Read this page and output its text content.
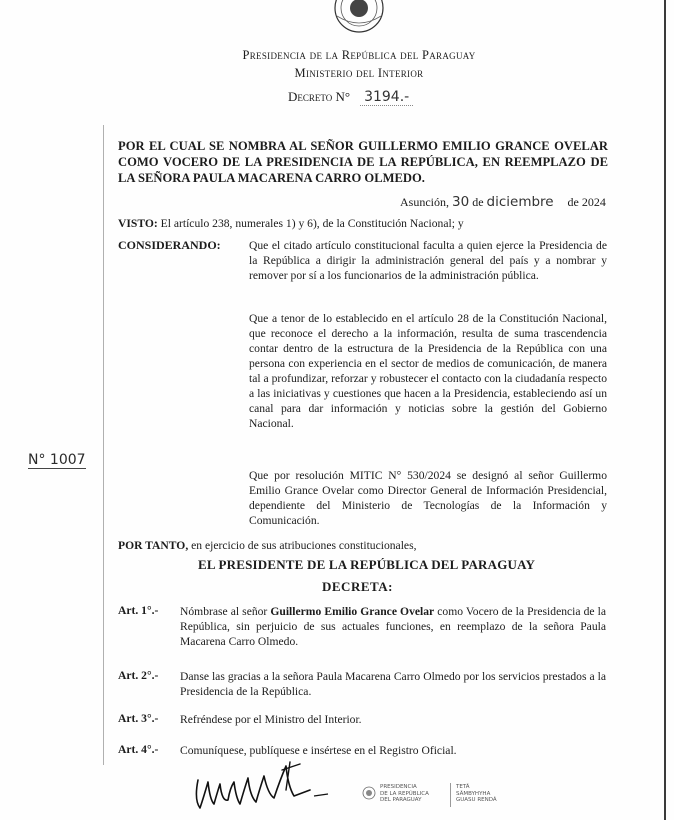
Presidencia de la República del Paraguay
Ministerio del Interior
Decreto N° 3194.-
POR EL CUAL SE NOMBRA AL SEÑOR GUILLERMO EMILIO GRANCE OVELAR COMO VOCERO DE LA PRESIDENCIA DE LA REPÚBLICA, EN REEMPLAZO DE LA SEÑORA PAULA MACARENA CARRO OLMEDO.
Asunción, 30 de diciembre de 2024
VISTO: El artículo 238, numerales 1) y 6), de la Constitución Nacional; y
CONSIDERANDO: Que el citado artículo constitucional faculta a quien ejerce la Presidencia de la República a dirigir la administración general del país y a nombrar y remover por sí a los funcionarios de la administración pública.
Que a tenor de lo establecido en el artículo 28 de la Constitución Nacional, que reconoce el derecho a la información, resulta de suma trascendencia contar dentro de la estructura de la Presidencia de la República con una persona con experiencia en el sector de medios de comunicación, de manera tal a profundizar, reforzar y robustecer el contacto con la ciudadanía respecto a las iniciativas y cuestiones que hacen a la Presidencia, estableciendo así un canal para dar información y noticias sobre la gestión del Gobierno Nacional.
Que por resolución MITIC N° 530/2024 se designó al señor Guillermo Emilio Grance Ovelar como Director General de Información Presidencial, dependiente del Ministerio de Tecnologías de la Información y Comunicación.
N° 1007
POR TANTO, en ejercicio de sus atribuciones constitucionales,
EL PRESIDENTE DE LA REPÚBLICA DEL PARAGUAY
DECRETA:
Art. 1°.- Nómbrase al señor Guillermo Emilio Grance Ovelar como Vocero de la Presidencia de la República, sin perjuicio de sus actuales funciones, en reemplazo de la señora Paula Macarena Carro Olmedo.
Art. 2°.- Danse las gracias a la señora Paula Macarena Carro Olmedo por los servicios prestados a la Presidencia de la República.
Art. 3°.- Refréndese por el Ministro del Interior.
Art. 4°.- Comuníquese, publíquese e insértese en el Registro Oficial.
PRESIDENCIA
DE LA REPÚBLICA
DEL PARAGUAY
TETÃ
SÃMBYHYHA
GUASU RENDÁ
